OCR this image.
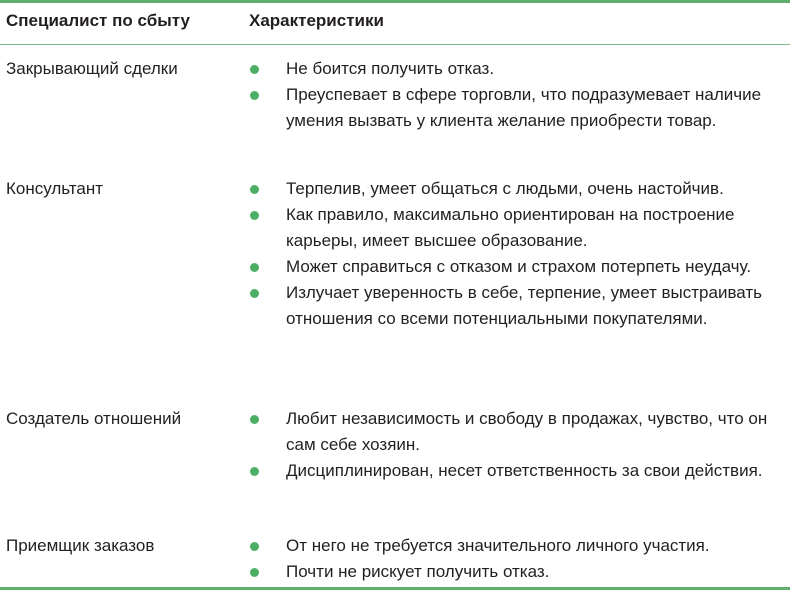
Специалист по сбыту	Характеристики
Закрывающий сделки	Не боится получить отказ.
Преуспевает в сфере торговли, что подразумевает наличие умения вызвать у клиента желание приобрести товар.
Консультант	Терпелив, умеет общаться с людьми, очень настойчив.
Как правило, максимально ориентирован на построение карьеры, имеет высшее образование.
Может справиться с отказом и страхом потерпеть неудачу.
Излучает уверенность в себе, терпение, умеет выстраивать отношения со всеми потенциальными покупателями.
Создатель отношений	Любит независимость и свободу в продажах, чувство, что он сам себе хозяин.
Дисциплинирован, несет ответственность за свои действия.
Приемщик заказов	От него не требуется значительного личного участия.
Почти не рискует получить отказ.
